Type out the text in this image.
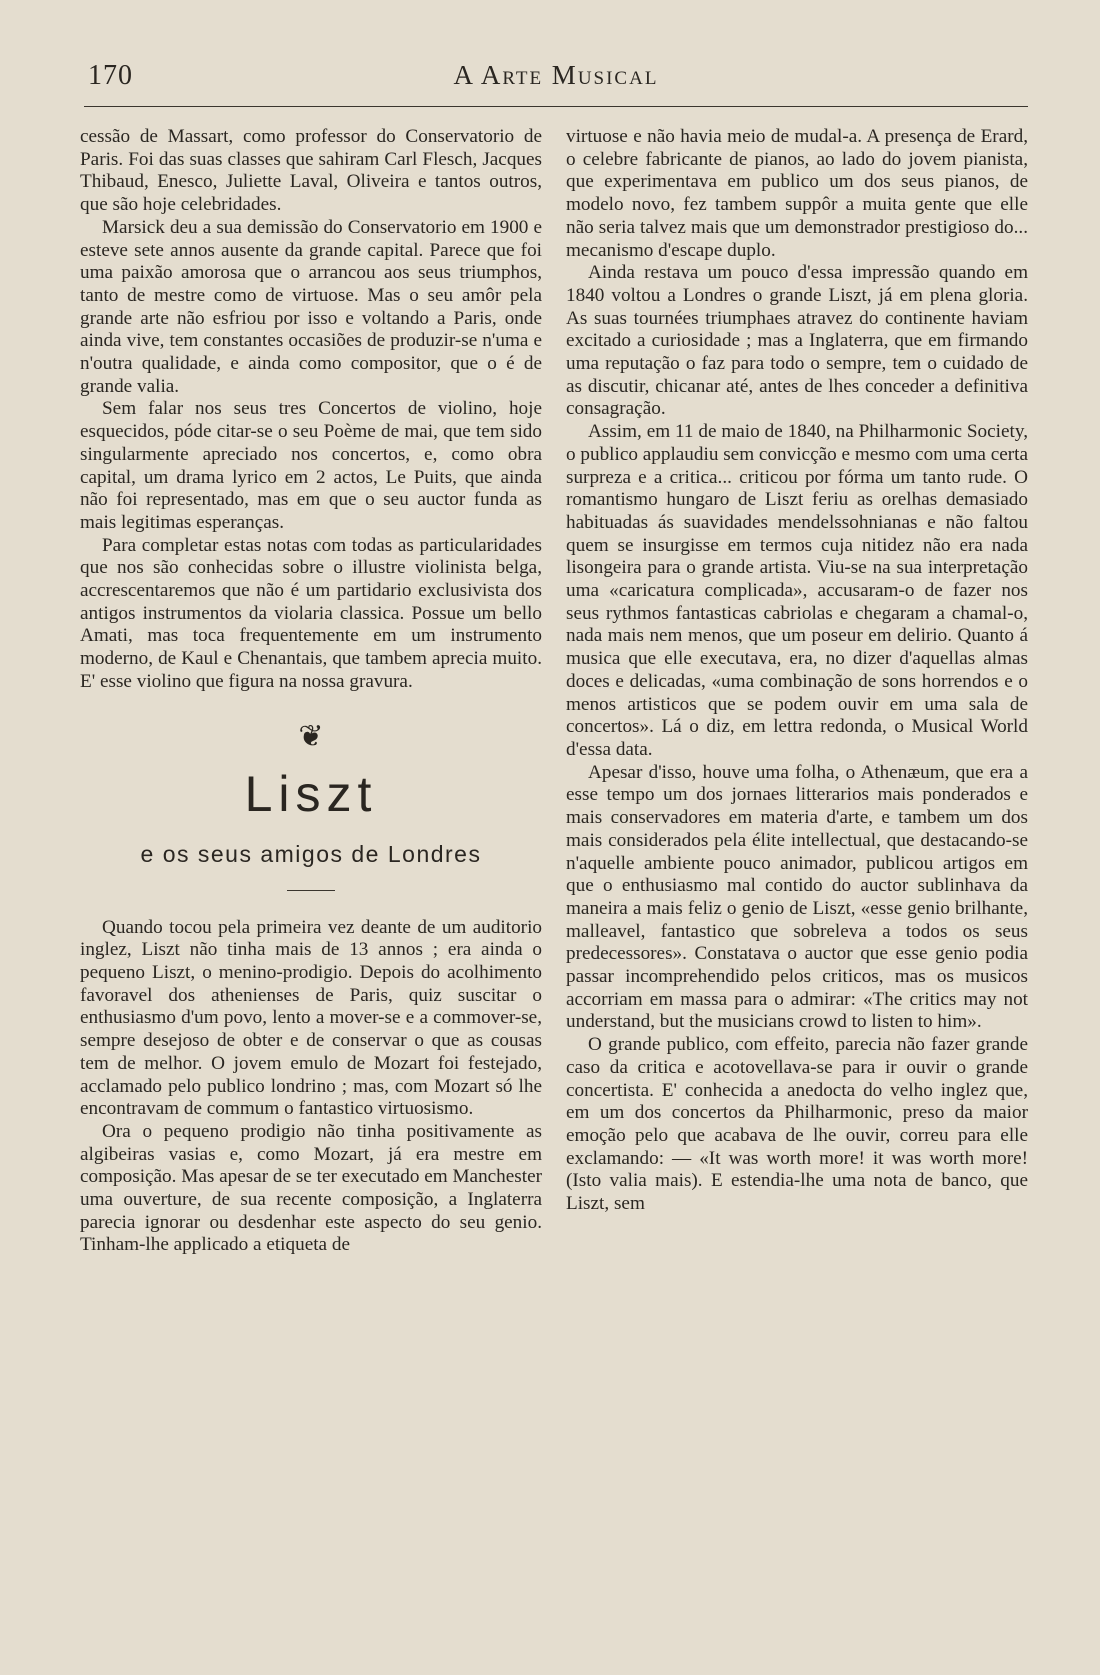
170	A Arte Musical

cessão de Massart, como professor do Conservatorio de Paris. Foi das suas classes que sahiram Carl Flesch, Jacques Thibaud, Enesco, Juliette Laval, Oliveira e tantos outros, que são hoje celebridades.

Marsick deu a sua demissão do Conservatorio em 1900 e esteve sete annos ausente da grande capital. Parece que foi uma paixão amorosa que o arrancou aos seus triumphos, tanto de mestre como de virtuose. Mas o seu amôr pela grande arte não esfriou por isso e voltando a Paris, onde ainda vive, tem constantes occasiões de produzir-se n'uma e n'outra qualidade, e ainda como compositor, que o é de grande valia.

Sem falar nos seus tres Concertos de violino, hoje esquecidos, póde citar-se o seu Poème de mai, que tem sido singularmente apreciado nos concertos, e, como obra capital, um drama lyrico em 2 actos, Le Puits, que ainda não foi representado, mas em que o seu auctor funda as mais legitimas esperanças.

Para completar estas notas com todas as particularidades que nos são conhecidas sobre o illustre violinista belga, accrescentaremos que não é um partidario exclusivista dos antigos instrumentos da violaria classica. Possue um bello Amati, mas toca frequentemente em um instrumento moderno, de Kaul e Chenantais, que tambem aprecia muito. E' esse violino que figura na nossa gravura.

❦
Liszt
e os seus amigos de Londres

Quando tocou pela primeira vez deante de um auditorio inglez, Liszt não tinha mais de 13 annos ; era ainda o pequeno Liszt, o menino-prodigio. Depois do acolhimento favoravel dos athenienses de Paris, quiz suscitar o enthusiasmo d'um povo, lento a mover-se e a commover-se, sempre desejoso de obter e de conservar o que as cousas tem de melhor. O jovem emulo de Mozart foi festejado, acclamado pelo publico londrino ; mas, com Mozart só lhe encontravam de commum o fantastico virtuosismo.

Ora o pequeno prodigio não tinha positivamente as algibeiras vasias e, como Mozart, já era mestre em composição. Mas apesar de se ter executado em Manchester uma ouverture, de sua recente composição, a Inglaterra parecia ignorar ou desdenhar este aspecto do seu genio. Tinham-lhe applicado a etiqueta de

virtuose e não havia meio de mudal-a. A presença de Erard, o celebre fabricante de pianos, ao lado do jovem pianista, que experimentava em publico um dos seus pianos, de modelo novo, fez tambem suppôr a muita gente que elle não seria talvez mais que um demonstrador prestigioso do... mecanismo d'escape duplo.

Ainda restava um pouco d'essa impressão quando em 1840 voltou a Londres o grande Liszt, já em plena gloria. As suas tournées triumphaes atravez do continente haviam excitado a curiosidade ; mas a Inglaterra, que em firmando uma reputação o faz para todo o sempre, tem o cuidado de as discutir, chicanar até, antes de lhes conceder a definitiva consagração.

Assim, em 11 de maio de 1840, na Philharmonic Society, o publico applaudiu sem convicção e mesmo com uma certa surpreza e a critica... criticou por fórma um tanto rude. O romantismo hungaro de Liszt feriu as orelhas demasiado habituadas ás suavidades mendelssohnianas e não faltou quem se insurgisse em termos cuja nitidez não era nada lisongeira para o grande artista. Viu-se na sua interpretação uma «caricatura complicada», accusaram-o de fazer nos seus rythmos fantasticas cabriolas e chegaram a chamal-o, nada mais nem menos, que um poseur em delirio. Quanto á musica que elle executava, era, no dizer d'aquellas almas doces e delicadas, «uma combinação de sons horrendos e o menos artisticos que se podem ouvir em uma sala de concertos». Lá o diz, em lettra redonda, o Musical World d'essa data.

Apesar d'isso, houve uma folha, o Athenæum, que era a esse tempo um dos jornaes litterarios mais ponderados e mais conservadores em materia d'arte, e tambem um dos mais considerados pela élite intellectual, que destacando-se n'aquelle ambiente pouco animador, publicou artigos em que o enthusiasmo mal contido do auctor sublinhava da maneira a mais feliz o genio de Liszt, «esse genio brilhante, malleavel, fantastico que sobreleva a todos os seus predecessores». Constatava o auctor que esse genio podia passar incomprehendido pelos criticos, mas os musicos accorriam em massa para o admirar: «The critics may not understand, but the musicians crowd to listen to him».

O grande publico, com effeito, parecia não fazer grande caso da critica e acotovellava-se para ir ouvir o grande concertista. E' conhecida a anedocta do velho inglez que, em um dos concertos da Philharmonic, preso da maior emoção pelo que acabava de lhe ouvir, correu para elle exclamando: — «It was worth more! it was worth more! (Isto valia mais). E estendia-lhe uma nota de banco, que Liszt, sem
